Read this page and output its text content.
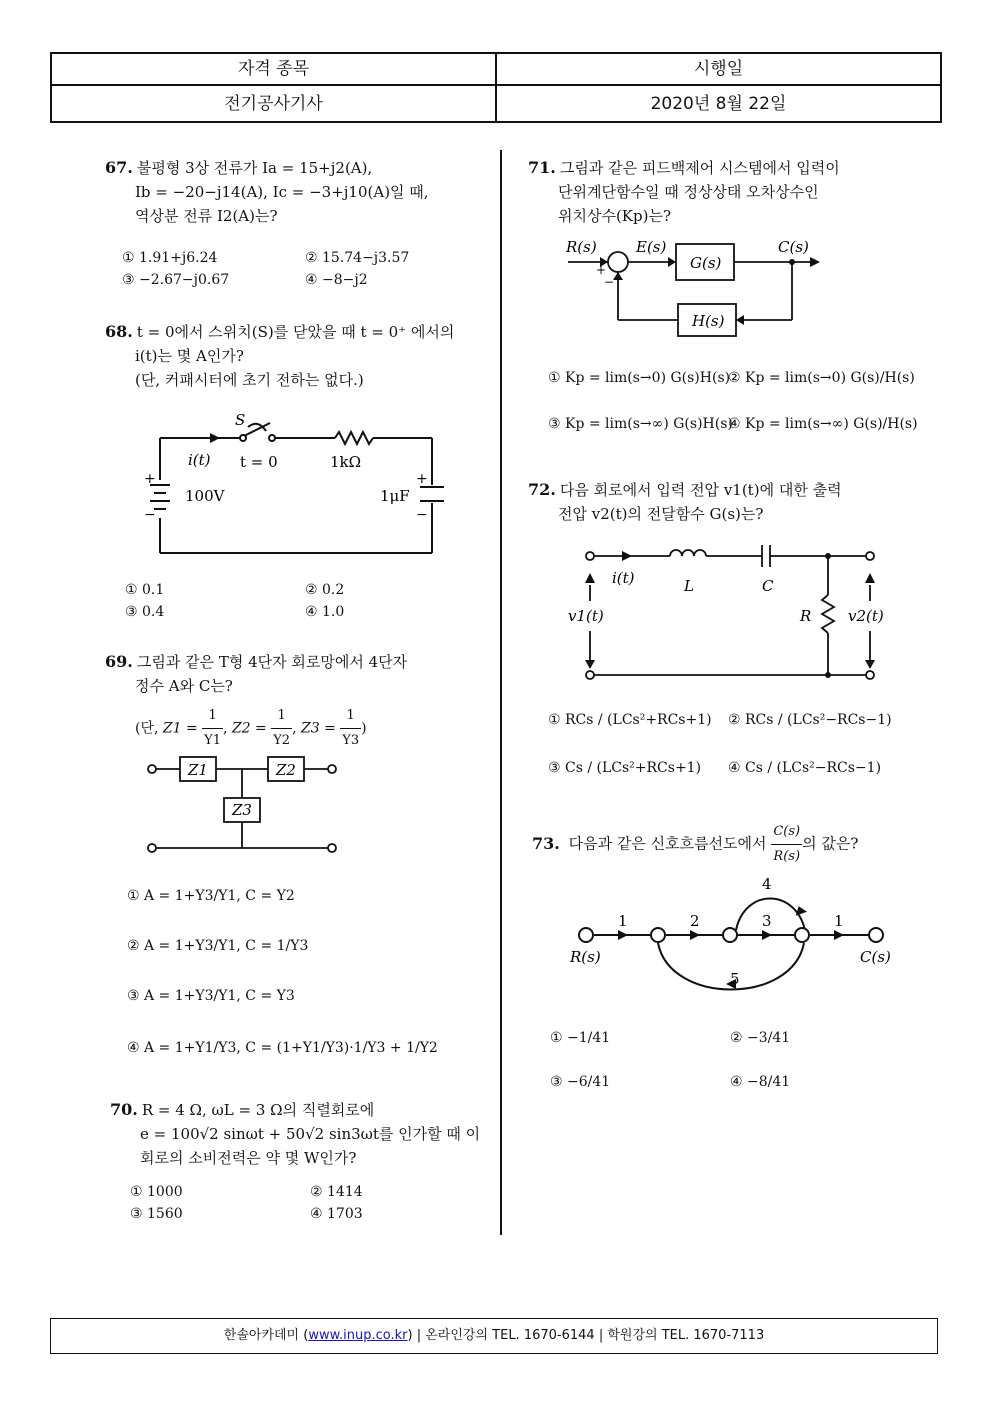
자격 종목	시행일
전기공사기사	2020년 8월 22일
67. 불평형 3상 전류가 Ia = 15+j2(A),
Ib = −20−j14(A), Ic = −3+j10(A)일 때,
역상분 전류 I2(A)는?
① 1.91+j6.24	② 15.74−j3.57
③ −2.67−j0.67	④ −8−j2
68. t = 0에서 스위치(S)를 닫았을 때 t = 0⁺ 에서의
i(t)는 몇 A인가?
(단, 커패시터에 초기 전하는 없다.)
S
i(t) t = 0	1kΩ
100V	1μF
+
−
+
−
① 0.1	② 0.2
③ 0.4	④ 1.0
69. 그림과 같은 T형 4단자 회로망에서 4단자
정수 A와 C는?
(단, $Z1 = \frac{1}{Y1}$ , $Z2 = \frac{1}{Y2}$ , $Z3 = \frac{1}{Y3}$ )
Z1	Z2
Z3
① A = 1+Y3/Y1, C = Y2
② A = 1+Y3/Y1, C = 1/Y3
③ A = 1+Y3/Y1, C = Y3
④ A = 1+Y1/Y3, C = (1+Y1/Y3)·1/Y3 + 1/Y2
70. R = 4 Ω, ωL = 3 Ω의 직렬회로에
e = 100√2 sinωt + 50√2 sin3ωt를 인가할 때 이
회로의 소비전력은 약 몇 W인가?
① 1000	② 1414
③ 1560	④ 1703
71. 그림과 같은 피드백제어 시스템에서 입력이
단위계단함수일 때 정상상태 오차상수인
위치상수(Kp)는?
R(s)	E(s)
G(s)
C(s)
H(s)
+
−
① Kp = lim(s→0) G(s)H(s)
② Kp = lim(s→0) G(s)/H(s)
③ Kp = lim(s→∞) G(s)H(s)
④ Kp = lim(s→∞) G(s)/H(s)
72. 다음 회로에서 입력 전압 v1(t)에 대한 출력
전압 v2(t)의 전달함수 G(s)는?
i(t)	L	C
R
v1(t)	v2(t)
① RCs / (LCs²+RCs+1) ② RCs / (LCs²−RCs−1)
③ Cs / (LCs²+RCs+1) ④ Cs / (LCs²−RCs−1)
73. 다음과 같은 신호흐름선도에서 $\frac{C(s)}{R(s)}$ 의 값은?
1	2	3
4
5
1
R(s)	C(s)
① −1/41	② −3/41
③ −6/41	④ −8/41
한솔아카데미 (www.inup.co.kr) | 온라인강의 TEL. 1670-6144 | 학원강의 TEL. 1670-7113
